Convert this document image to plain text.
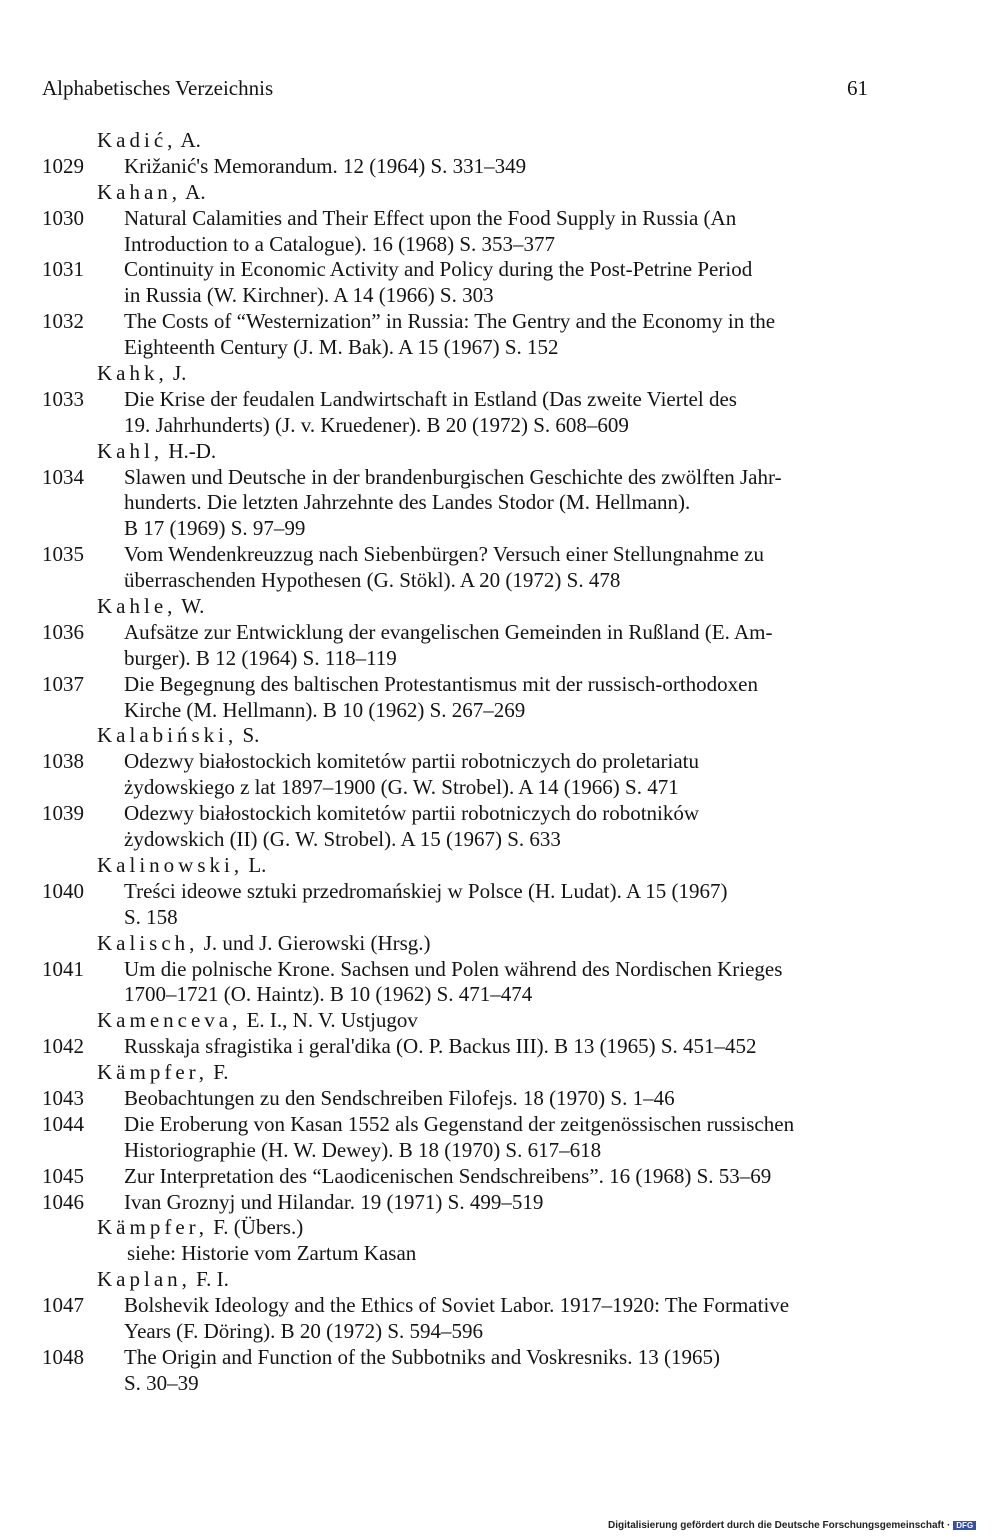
Alphabetisches Verzeichnis	61
Kadić, A.
1029	Križanić's Memorandum. 12 (1964) S. 331–349
Kahan, A.
1030	Natural Calamities and Their Effect upon the Food Supply in Russia (An
Introduction to a Catalogue). 16 (1968) S. 353–377
1031	Continuity in Economic Activity and Policy during the Post-Petrine Period
in Russia (W. Kirchner). A 14 (1966) S. 303
1032	The Costs of “Westernization” in Russia: The Gentry and the Economy in the
Eighteenth Century (J. M. Bak). A 15 (1967) S. 152
Kahk, J.
1033	Die Krise der feudalen Landwirtschaft in Estland (Das zweite Viertel des
19. Jahrhunderts) (J. v. Kruedener). B 20 (1972) S. 608–609
Kahl, H.-D.
1034	Slawen und Deutsche in der brandenburgischen Geschichte des zwölften Jahr-
hunderts. Die letzten Jahrzehnte des Landes Stodor (M. Hellmann).
B 17 (1969) S. 97–99
1035	Vom Wendenkreuzzug nach Siebenbürgen? Versuch einer Stellungnahme zu
überraschenden Hypothesen (G. Stökl). A 20 (1972) S. 478
Kahle, W.
1036	Aufsätze zur Entwicklung der evangelischen Gemeinden in Rußland (E. Am-
burger). B 12 (1964) S. 118–119
1037	Die Begegnung des baltischen Protestantismus mit der russisch-orthodoxen
Kirche (M. Hellmann). B 10 (1962) S. 267–269
Kalabiński, S.
1038	Odezwy białostockich komitetów partii robotniczych do proletariatu
żydowskiego z lat 1897–1900 (G. W. Strobel). A 14 (1966) S. 471
1039	Odezwy białostockich komitetów partii robotniczych do robotników
żydowskich (II) (G. W. Strobel). A 15 (1967) S. 633
Kalinowski, L.
1040	Treści ideowe sztuki przedromańskiej w Polsce (H. Ludat). A 15 (1967)
S. 158
Kalisch, J. und J. Gierowski (Hrsg.)
1041	Um die polnische Krone. Sachsen und Polen während des Nordischen Krieges
1700–1721 (O. Haintz). B 10 (1962) S. 471–474
Kamenceva, E. I., N. V. Ustjugov
1042	Russkaja sfragistika i geral'dika (O. P. Backus III). B 13 (1965) S. 451–452
Kämpfer, F.
1043	Beobachtungen zu den Sendschreiben Filofejs. 18 (1970) S. 1–46
1044	Die Eroberung von Kasan 1552 als Gegenstand der zeitgenössischen russischen
Historiographie (H. W. Dewey). B 18 (1970) S. 617–618
1045	Zur Interpretation des “Laodicenischen Sendschreibens”. 16 (1968) S. 53–69
1046	Ivan Groznyj und Hilandar. 19 (1971) S. 499–519
Kämpfer, F. (Übers.)
siehe: Historie vom Zartum Kasan
Kaplan, F. I.
1047	Bolshevik Ideology and the Ethics of Soviet Labor. 1917–1920: The Formative
Years (F. Döring). B 20 (1972) S. 594–596
1048	The Origin and Function of the Subbotniks and Voskresniks. 13 (1965)
S. 30–39
Digitalisierung gefördert durch die Deutsche Forschungsgemeinschaft · DFG
